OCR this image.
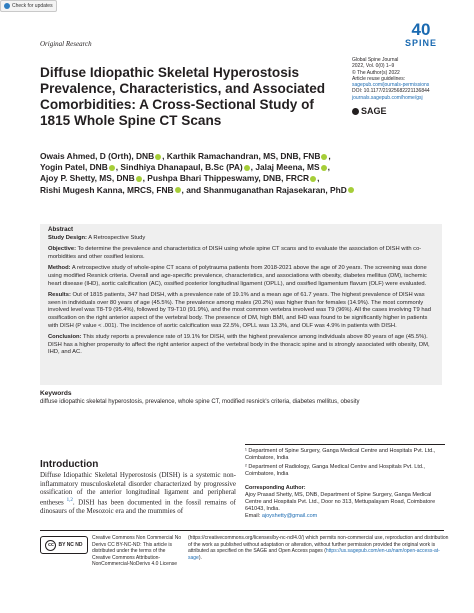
Check for updates
Original Research
40
SPINE
Diffuse Idiopathic Skeletal Hyperostosis Prevalence, Characteristics, and Associated Comorbidities: A Cross-Sectional Study of 1815 Whole Spine CT Scans
Global Spine Journal
2022, Vol. 0(0) 1–9
© The Author(s) 2022
Article reuse guidelines:
sagepub.com/journals-permissions
DOI: 10.1177/21925682221136844
journals.sagepub.com/home/gsj
SAGE
Owais Ahmed, D (Orth), DNB , Karthik Ramachandran, MS, DNB, FNB ,
Yogin Patel, DNB , Sindhiya Dhanapaul, B.Sc (PA) , Jalaj Meena, MS ,
Ajoy P. Shetty, MS, DNB , Pushpa Bhari Thippeswamy, DNB, FRCR ,
Rishi Mugesh Kanna, MRCS, FNB , and Shanmuganathan Rajasekaran, PhD
Abstract

Study Design: A Retrospective Study

Objective: To determine the prevalence and characteristics of DISH using whole spine CT scans and to evaluate the association of DISH with co-morbidities and other ossified lesions.

Method: A retrospective study of whole-spine CT scans of polytrauma patients from 2018-2021 above the age of 20 years. The screening was done using modified Resnick criteria. Overall and age-specific prevalence, characteristics, and associations with obesity, diabetes mellitus (DM), ischemic heart disease (IHD), aortic calcification (AC), ossified posterior longitudinal ligament (OPLL), and ossified ligamentum flavum (OLF) were evaluated.

Results: Out of 1815 patients, 347 had DISH, with a prevalence rate of 19.1% and a mean age of 61.7 years. The highest prevalence of DISH was seen in individuals over 80 years of age (45.5%). The prevalence among males (20.2%) was higher than for females (14.9%). The most commonly involved level was T8-T9 (95.4%), followed by T9-T10 (91.9%), and the most common vertebra involved was T9 (96%). All the cases involving T9 had ossification on the right anterior aspect of the vertebral body. The presence of DM, high BMI, and IHD was found to be significantly higher in patients with DISH (P value < .001). The incidence of aortic calcification was 22.5%, OPLL was 13.3%, and OLF was 4.9% in patients with DISH.

Conclusion: This study reports a prevalence rate of 19.1% for DISH, with the highest prevalence among individuals above 80 years of age (45.5%). DISH has a higher propensity to affect the right anterior aspect of the vertebral body in the thoracic spine and is strongly associated with obesity, DM, IHD, and AC.

Keywords
diffuse idiopathic skeletal hyperostosis, prevalence, whole spine CT, modified resnick's criteria, diabetes mellitus, obesity
Introduction
Diffuse Idiopathic Skeletal Hyperostosis (DISH) is a systemic non-inflammatory musculoskeletal disorder characterized by progressive ossification of the anterior longitudinal ligament and peripheral entheses $^{1,2}$. DISH has been documented in the fossil remains of dinosaurs of the Mesozoic era and the mummies of

¹ Department of Spine Surgery, Ganga Medical Centre and Hospitals Pvt. Ltd., Coimbatore, India

² Department of Radiology, Ganga Medical Centre and Hospitals Pvt. Ltd., Coimbatore, India

Corresponding Author:
Ajoy Prasad Shetty, MS, DNB, Department of Spine Surgery, Ganga Medical Centre and Hospitals Pvt. Ltd., Door no 313, Mettupalayam Road, Coimbatore 641043, India.
Email: ajoyshetty@gmail.com
cc BY NC ND
Creative Commons Non Commercial No Derivs CC BY-NC-ND: This article is distributed under the terms of the Creative Commons Attribution-NonCommercial-NoDerivs 4.0 License
(https://creativecommons.org/licenses/by-nc-nd/4.0/) which permits non-commercial use, reproduction and distribution of the work as published without adaptation or alteration, without further permission provided the original work is attributed as specified on the SAGE and Open Access pages (https://us.sagepub.com/en-us/nam/open-access-at-sage).
